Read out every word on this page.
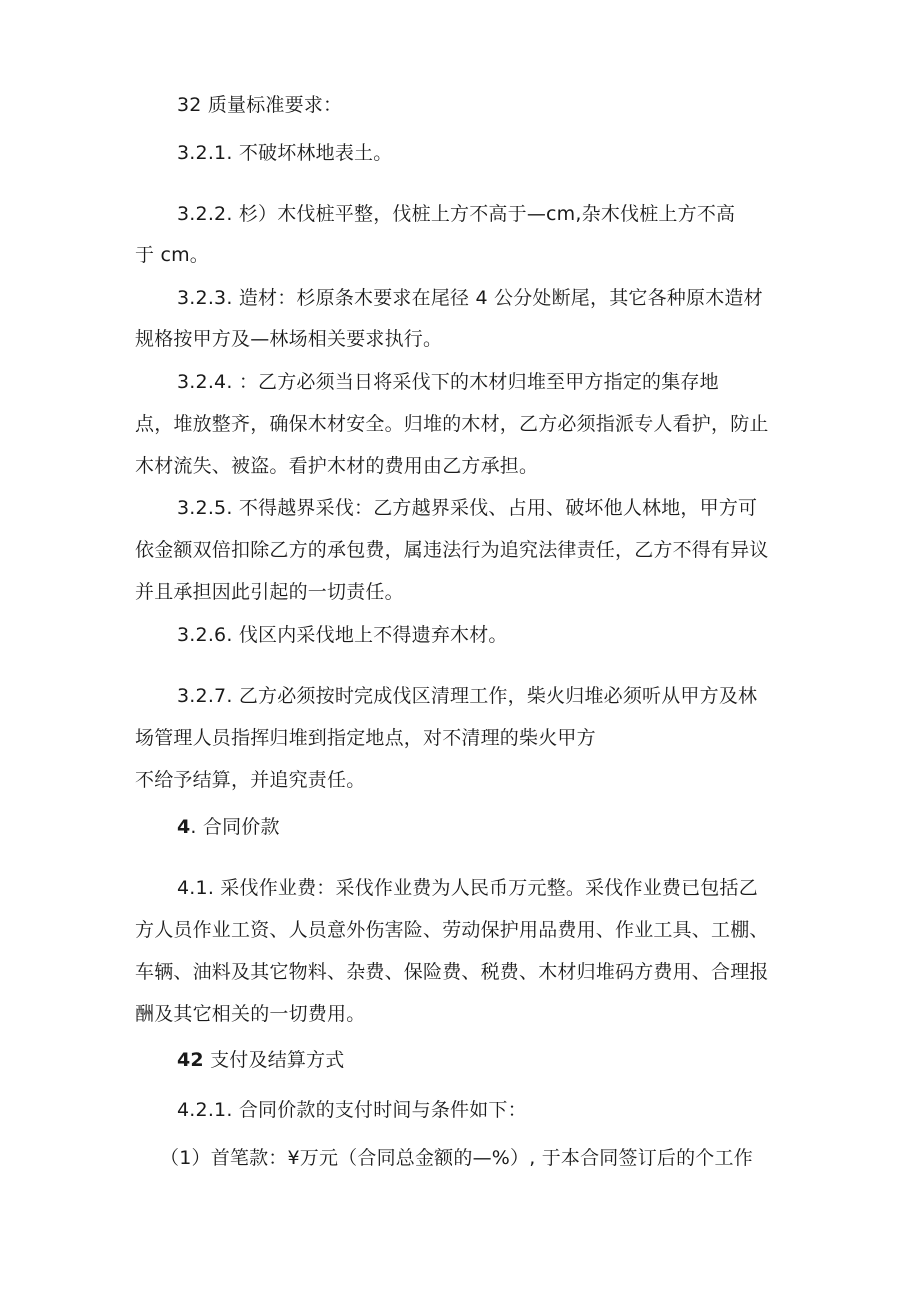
32 质量标准要求：
3.2.1. 不破坏林地表土。
3.2.2. 杉）木伐桩平整，伐桩上方不高于—cm,杂木伐桩上方不高
于 cm。
3.2.3. 造材：杉原条木要求在尾径 4 公分处断尾，其它各种原木造材
规格按甲方及—林场相关要求执行。
3.2.4. ：乙方必须当日将采伐下的木材归堆至甲方指定的集存地
点，堆放整齐，确保木材安全。归堆的木材，乙方必须指派专人看护，防止
木材流失、被盗。看护木材的费用由乙方承担。
3.2.5. 不得越界采伐：乙方越界采伐、占用、破坏他人林地，甲方可
依金额双倍扣除乙方的承包费，属违法行为追究法律责任，乙方不得有异议
并且承担因此引起的一切责任。
3.2.6. 伐区内采伐地上不得遗弃木材。
3.2.7. 乙方必须按时完成伐区清理工作，柴火归堆必须听从甲方及林
场管理人员指挥归堆到指定地点，对不清理的柴火甲方
不给予结算，并追究责任。
4. 合同价款
4.1. 采伐作业费：采伐作业费为人民币万元整。采伐作业费已包括乙
方人员作业工资、人员意外伤害险、劳动保护用品费用、作业工具、工棚、
车辆、油料及其它物料、杂费、保险费、税费、木材归堆码方费用、合理报
酬及其它相关的一切费用。
42 支付及结算方式
4.2.1. 合同价款的支付时间与条件如下：
（1）首笔款：¥万元（合同总金额的—%）, 于本合同签订后的个工作
